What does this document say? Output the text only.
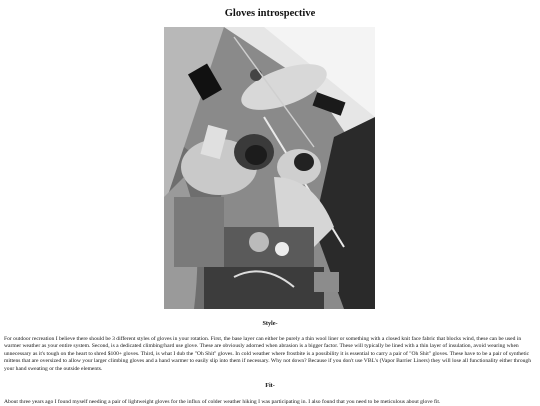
Gloves introspective
Style-

For outdoor recreation I believe there should be 3 different styles of gloves in your rotation. First, the base layer can either be purely a thin wool liner or something with a closed knit face fabric that blocks wind, these can be used in warmer weather as your entire system. Second, is a dedicated climbing/hard use glove. These are obviously adorned when abrasion is a bigger factor. These will typically be lined with a thin layer of insulation, avoid wearing when unnecessary as it's tough on the heart to shred $100+ gloves. Third, is what I dub the "Oh Shit" gloves. In cold weather where frostbite is a possibility it is essential to carry a pair of "Oh Shit" gloves. These have to be a pair of synthetic mittens that are oversized to allow your larger climbing gloves and a hand warmer to easily slip into them if necessary. Why not down? Because if you don't use VBL's (Vapor Barrier Liners) they will lose all functionality either through your hand sweating or the outside elements.

Fit-

About three years ago I found myself needing a pair of lightweight gloves for the influx of colder weather hiking I was participating in. I also found that you need to be meticulous about glove fit.
